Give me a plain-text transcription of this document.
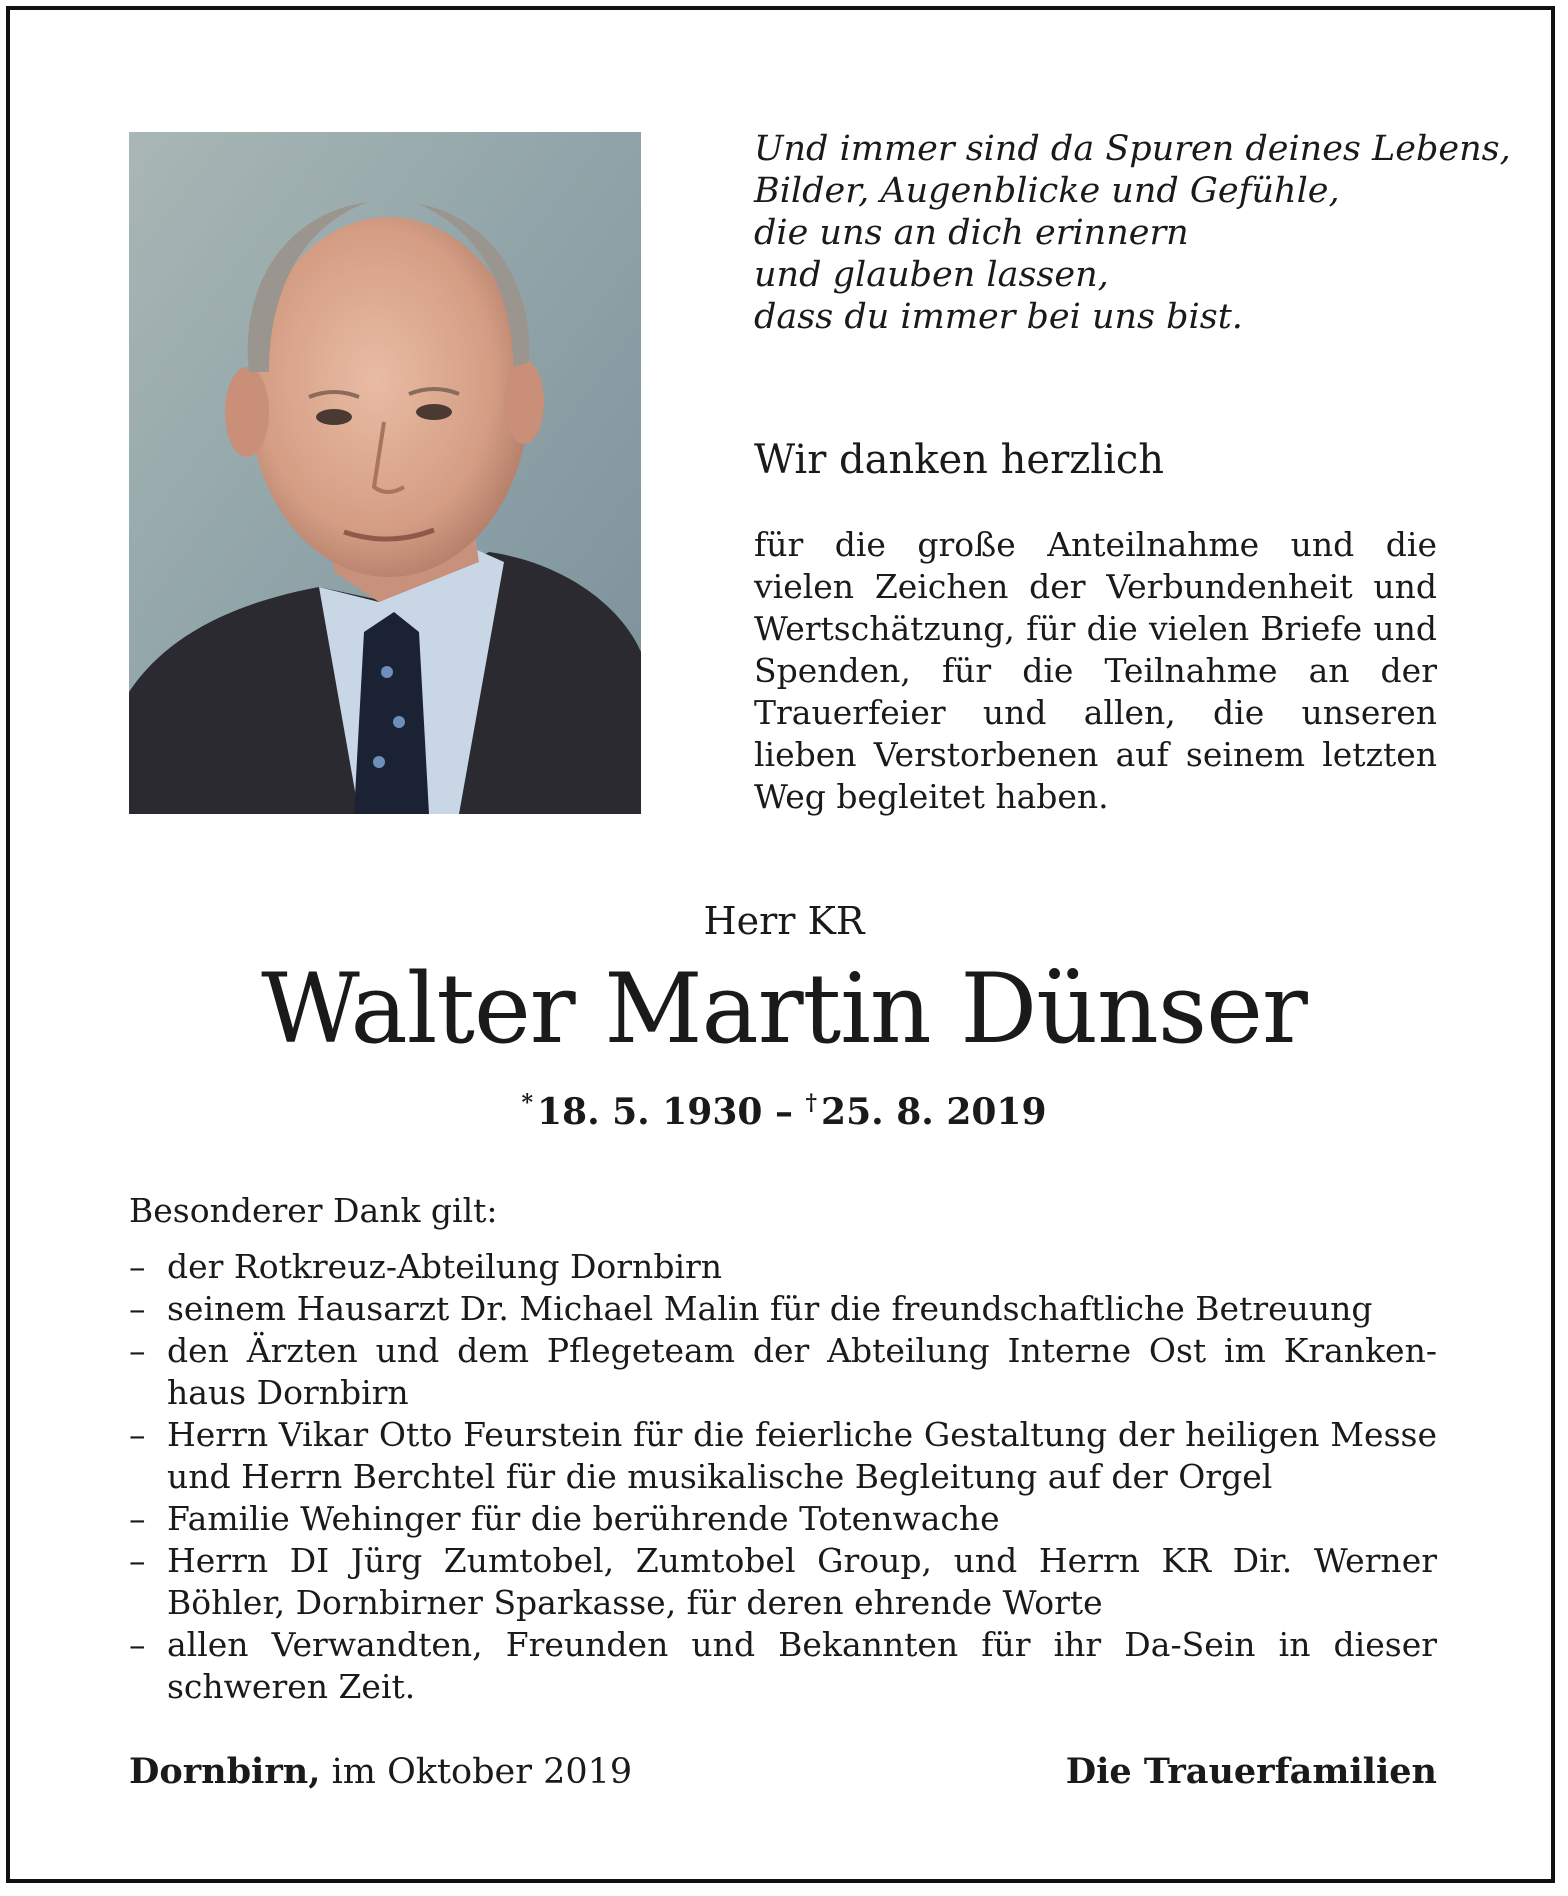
Und immer sind da Spuren deines Lebens,
Bilder, Augenblicke und Gefühle,
die uns an dich erinnern
und glauben lassen,
dass du immer bei uns bist.
Wir danken herzlich
für die große Anteilnahme und die vielen Zeichen der Verbundenheit und Wertschätzung, für die vielen Briefe und Spenden, für die Teilnahme an der Trauerfeier und allen, die unseren lieben Verstorbenen auf seinem letzten Weg begleitet haben.
Herr KR
Walter Martin Dünser
* 18. 5. 1930 – † 25. 8. 2019
Besonderer Dank gilt:
– der Rotkreuz-Abteilung Dornbirn
– seinem Hausarzt Dr. Michael Malin für die freundschaftliche Betreuung
– den Ärzten und dem Pflegeteam der Abteilung Interne Ost im Kranken-haus Dornbirn
– Herrn Vikar Otto Feurstein für die feierliche Gestaltung der heiligen Messe und Herrn Berchtel für die musikalische Begleitung auf der Orgel
– Familie Wehinger für die berührende Totenwache
– Herrn DI Jürg Zumtobel, Zumtobel Group, und Herrn KR Dir. Werner Böhler, Dornbirner Sparkasse, für deren ehrende Worte
– allen Verwandten, Freunden und Bekannten für ihr Da-Sein in dieser schweren Zeit.
Dornbirn, im Oktober 2019	Die Trauerfamilien
